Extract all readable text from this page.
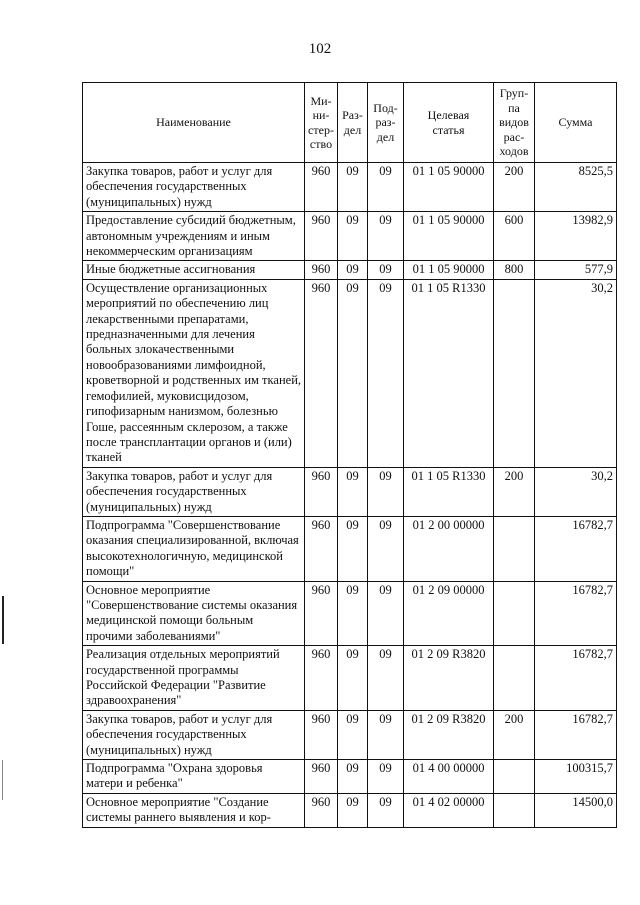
102
Наименование	Ми-
ни-
стер-
ство	Раз-
дел	Под-
раз-
дел	Целевая
статья	Груп-
па
видов
рас-
ходов	Сумма
Закупка товаров, работ и услуг для обеспечения государственных (муниципальных) нужд	960	09	09	01 1 05 90000	200	8525,5
Предоставление субсидий бюджетным, автономным учреждениям и иным некоммерческим организациям	960	09	09	01 1 05 90000	600	13982,9
Иные бюджетные ассигнования	960	09	09	01 1 05 90000	800	577,9
Осуществление организационных мероприятий по обеспечению лиц лекарственными препаратами, предназначенными для лечения больных злокачественными новообразованиями лимфоидной, кроветворной и родственных им тканей, гемофилией, муковисцидозом, гипофизарным нанизмом, болезнью Гоше, рассеянным склерозом, а также после трансплантации органов и (или) тканей	960	09	09	01 1 05 R1330		30,2
Закупка товаров, работ и услуг для обеспечения государственных (муниципальных) нужд	960	09	09	01 1 05 R1330	200	30,2
Подпрограмма "Совершенствование оказания специализированной, включая высокотехнологичную, медицинской помощи"	960	09	09	01 2 00 00000		16782,7
Основное мероприятие "Совершенствование системы оказания медицинской помощи больным прочими заболеваниями"	960	09	09	01 2 09 00000		16782,7
Реализация отдельных мероприятий государственной программы Российской Федерации "Развитие здравоохранения"	960	09	09	01 2 09 R3820		16782,7
Закупка товаров, работ и услуг для обеспечения государственных (муниципальных) нужд	960	09	09	01 2 09 R3820	200	16782,7
Подпрограмма "Охрана здоровья матери и ребенка"	960	09	09	01 4 00 00000		100315,7
Основное мероприятие "Создание системы раннего выявления и кор-	960	09	09	01 4 02 00000		14500,0
